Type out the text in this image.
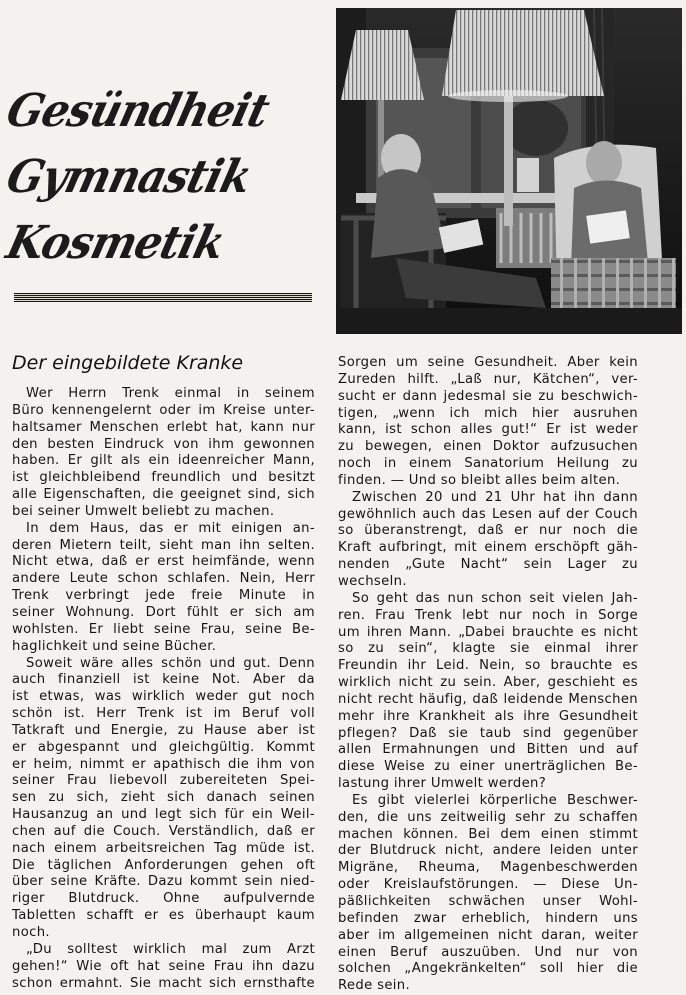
Gesündheit
Gymnastik
Kosmetik
Der eingebildete Kranke

Wer Herrn Trenk einmal in seinem

Büro kennengelernt oder im Kreise unter-

haltsamer Menschen erlebt hat, kann nur

den besten Eindruck von ihm gewonnen

haben. Er gilt als ein ideenreicher Mann,

ist gleichbleibend freundlich und besitzt

alle Eigenschaften, die geeignet sind, sich

bei seiner Umwelt beliebt zu machen.

In dem Haus, das er mit einigen an-

deren Mietern teilt, sieht man ihn selten.

Nicht etwa, daß er erst heimfände, wenn

andere Leute schon schlafen. Nein, Herr

Trenk verbringt jede freie Minute in

seiner Wohnung. Dort fühlt er sich am

wohlsten. Er liebt seine Frau, seine Be-

haglichkeit und seine Bücher.

Soweit wäre alles schön und gut. Denn

auch finanziell ist keine Not. Aber da

ist etwas, was wirklich weder gut noch

schön ist. Herr Trenk ist im Beruf voll

Tatkraft und Energie, zu Hause aber ist

er abgespannt und gleichgültig. Kommt

er heim, nimmt er apathisch die ihm von

seiner Frau liebevoll zubereiteten Spei-

sen zu sich, zieht sich danach seinen

Hausanzug an und legt sich für ein Weil-

chen auf die Couch. Verständlich, daß er

nach einem arbeitsreichen Tag müde ist.

Die täglichen Anforderungen gehen oft

über seine Kräfte. Dazu kommt sein nied-

riger Blutdruck. Ohne aufpulvernde

Tabletten schafft er es überhaupt kaum

noch.

„Du solltest wirklich mal zum Arzt

gehen!“ Wie oft hat seine Frau ihn dazu

schon ermahnt. Sie macht sich ernsthafte

Sorgen um seine Gesundheit. Aber kein

Zureden hilft. „Laß nur, Kätchen“, ver-

sucht er dann jedesmal sie zu beschwich-

tigen, „wenn ich mich hier ausruhen

kann, ist schon alles gut!“ Er ist weder

zu bewegen, einen Doktor aufzusuchen

noch in einem Sanatorium Heilung zu

finden. — Und so bleibt alles beim alten.

Zwischen 20 und 21 Uhr hat ihn dann

gewöhnlich auch das Lesen auf der Couch

so überanstrengt, daß er nur noch die

Kraft aufbringt, mit einem erschöpft gäh-

nenden „Gute Nacht“ sein Lager zu

wechseln.

So geht das nun schon seit vielen Jah-

ren. Frau Trenk lebt nur noch in Sorge

um ihren Mann. „Dabei brauchte es nicht

so zu sein“, klagte sie einmal ihrer

Freundin ihr Leid. Nein, so brauchte es

wirklich nicht zu sein. Aber, geschieht es

nicht recht häufig, daß leidende Menschen

mehr ihre Krankheit als ihre Gesundheit

pflegen? Daß sie taub sind gegenüber

allen Ermahnungen und Bitten und auf

diese Weise zu einer unerträglichen Be-

lastung ihrer Umwelt werden?

Es gibt vielerlei körperliche Beschwer-

den, die uns zeitweilig sehr zu schaffen

machen können. Bei dem einen stimmt

der Blutdruck nicht, andere leiden unter

Migräne, Rheuma, Magenbeschwerden

oder Kreislaufstörungen. — Diese Un-

päßlichkeiten schwächen unser Wohl-

befinden zwar erheblich, hindern uns

aber im allgemeinen nicht daran, weiter

einen Beruf auszuüben. Und nur von

solchen „Angekränkelten“ soll hier die

Rede sein.
